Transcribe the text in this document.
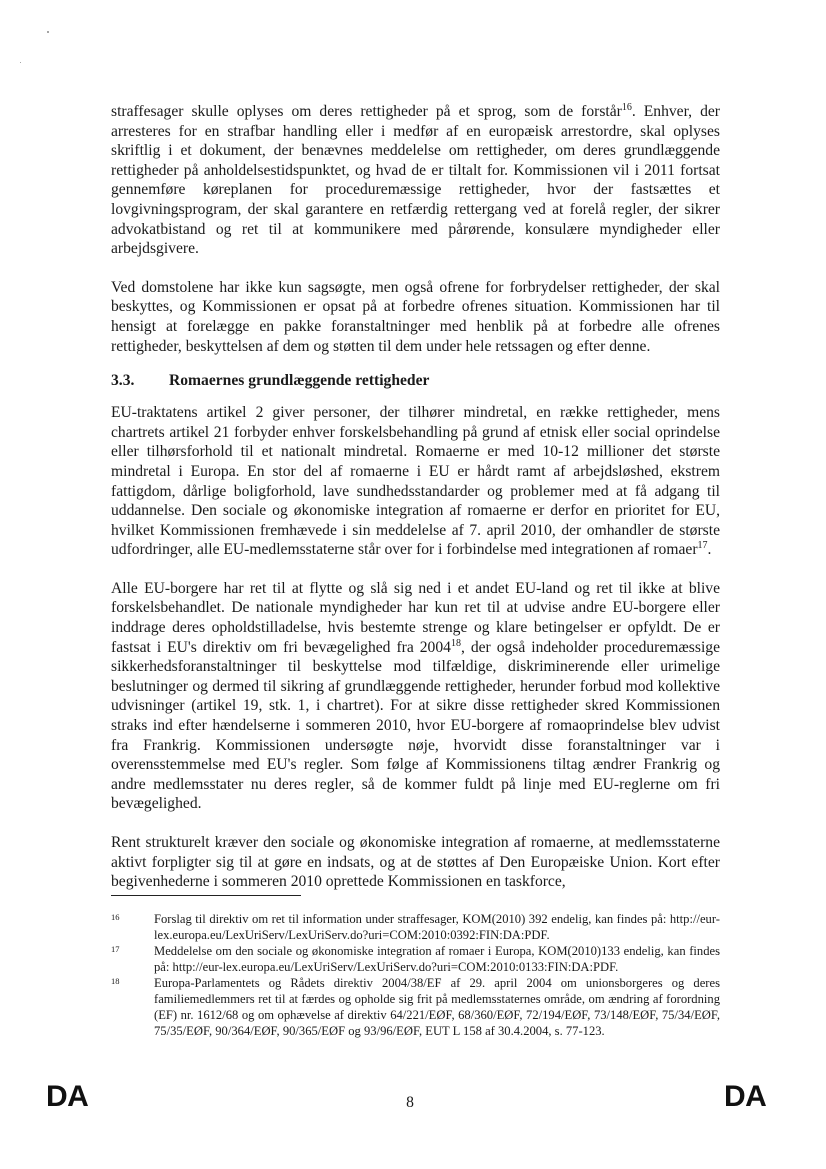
straffesager skulle oplyses om deres rettigheder på et sprog, som de forstår$^{16}$. Enhver, der arresteres for en strafbar handling eller i medfør af en europæisk arrestordre, skal oplyses skriftlig i et dokument, der benævnes meddelelse om rettigheder, om deres grundlæggende rettigheder på anholdelsestidspunktet, og hvad de er tiltalt for. Kommissionen vil i 2011 fortsat gennemføre køreplanen for proceduremæssige rettigheder, hvor der fastsættes et lovgivningsprogram, der skal garantere en retfærdig rettergang ved at forelå regler, der sikrer advokatbistand og ret til at kommunikere med pårørende, konsulære myndigheder eller arbejdsgivere.

Ved domstolene har ikke kun sagsøgte, men også ofrene for forbrydelser rettigheder, der skal beskyttes, og Kommissionen er opsat på at forbedre ofrenes situation. Kommissionen har til hensigt at forelægge en pakke foranstaltninger med henblik på at forbedre alle ofrenes rettigheder, beskyttelsen af dem og støtten til dem under hele retssagen og efter denne.

3.3.	Romaernes grundlæggende rettigheder

EU-traktatens artikel 2 giver personer, der tilhører mindretal, en række rettigheder, mens chartrets artikel 21 forbyder enhver forskelsbehandling på grund af etnisk eller social oprindelse eller tilhørsforhold til et nationalt mindretal. Romaerne er med 10-12 millioner det største mindretal i Europa. En stor del af romaerne i EU er hårdt ramt af arbejdsløshed, ekstrem fattigdom, dårlige boligforhold, lave sundhedsstandarder og problemer med at få adgang til uddannelse. Den sociale og økonomiske integration af romaerne er derfor en prioritet for EU, hvilket Kommissionen fremhævede i sin meddelelse af 7. april 2010, der omhandler de største udfordringer, alle EU-medlemsstaterne står over for i forbindelse med integrationen af romaer$^{17}$.

Alle EU-borgere har ret til at flytte og slå sig ned i et andet EU-land og ret til ikke at blive forskelsbehandlet. De nationale myndigheder har kun ret til at udvise andre EU-borgere eller inddrage deres opholdstilladelse, hvis bestemte strenge og klare betingelser er opfyldt. De er fastsat i EU's direktiv om fri bevægelighed fra 2004$^{18}$, der også indeholder proceduremæssige sikkerhedsforanstaltninger til beskyttelse mod tilfældige, diskriminerende eller urimelige beslutninger og dermed til sikring af grundlæggende rettigheder, herunder forbud mod kollektive udvisninger (artikel 19, stk. 1, i chartret). For at sikre disse rettigheder skred Kommissionen straks ind efter hændelserne i sommeren 2010, hvor EU-borgere af romaoprindelse blev udvist fra Frankrig. Kommissionen undersøgte nøje, hvorvidt disse foranstaltninger var i overensstemmelse med EU's regler. Som følge af Kommissionens tiltag ændrer Frankrig og andre medlemsstater nu deres regler, så de kommer fuldt på linje med EU-reglerne om fri bevægelighed.

Rent strukturelt kræver den sociale og økonomiske integration af romaerne, at medlemsstaterne aktivt forpligter sig til at gøre en indsats, og at de støttes af Den Europæiske Union. Kort efter begivenhederne i sommeren 2010 oprettede Kommissionen en taskforce,

16	Forslag til direktiv om ret til information under straffesager, KOM(2010) 392 endelig, kan findes på: http://eur-lex.europa.eu/LexUriServ/LexUriServ.do?uri=COM:2010:0392:FIN:DA:PDF.
17	Meddelelse om den sociale og økonomiske integration af romaer i Europa, KOM(2010)133 endelig, kan findes på: http://eur-lex.europa.eu/LexUriServ/LexUriServ.do?uri=COM:2010:0133:FIN:DA:PDF.
18	Europa-Parlamentets og Rådets direktiv 2004/38/EF af 29. april 2004 om unionsborgeres og deres familiemedlemmers ret til at færdes og opholde sig frit på medlemsstaternes område, om ændring af forordning (EF) nr. 1612/68 og om ophævelse af direktiv 64/221/EØF, 68/360/EØF, 72/194/EØF, 73/148/EØF, 75/34/EØF, 75/35/EØF, 90/364/EØF, 90/365/EØF og 93/96/EØF, EUT L 158 af 30.4.2004, s. 77-123.
DA	8	DA
